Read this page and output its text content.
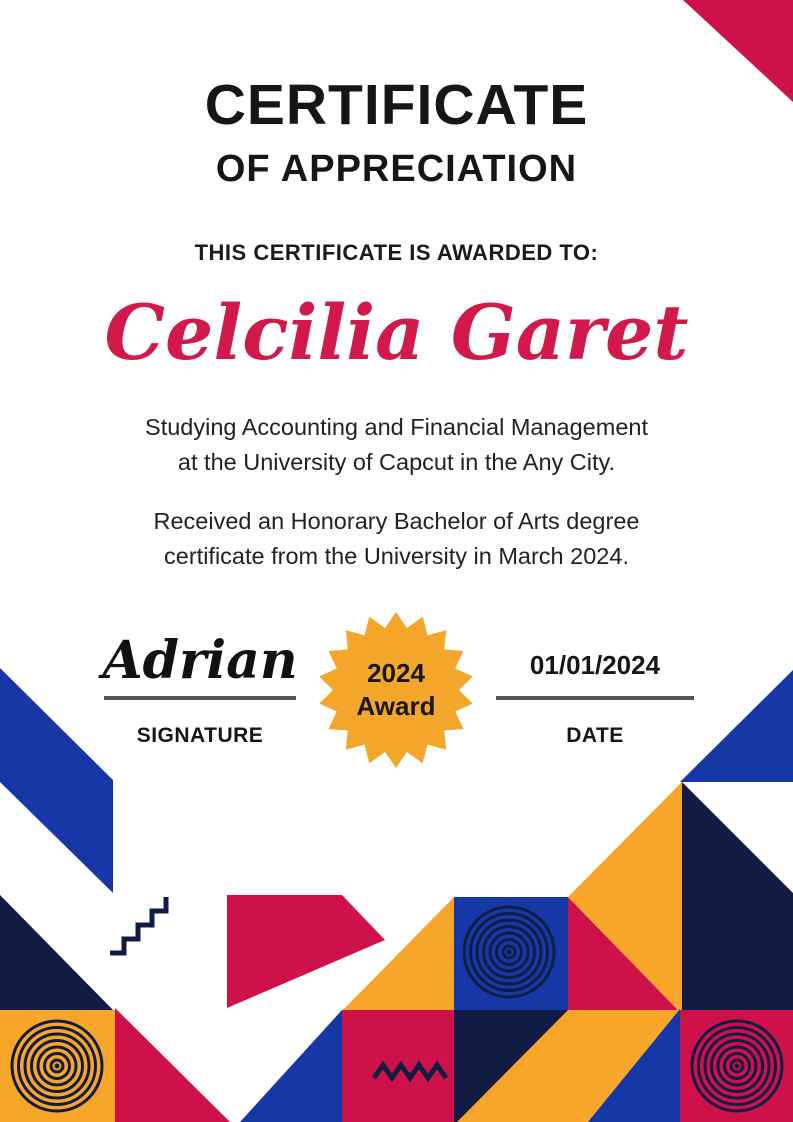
CERTIFICATE
OF APPRECIATION
THIS CERTIFICATE IS AWARDED TO:
Celcilia Garet
Studying Accounting and Financial Management
at the University of Capcut in the Any City.
Received an Honorary Bachelor of Arts degree
certificate from the University in March 2024.
Adrian
SIGNATURE
2024
Award
01/01/2024
DATE
